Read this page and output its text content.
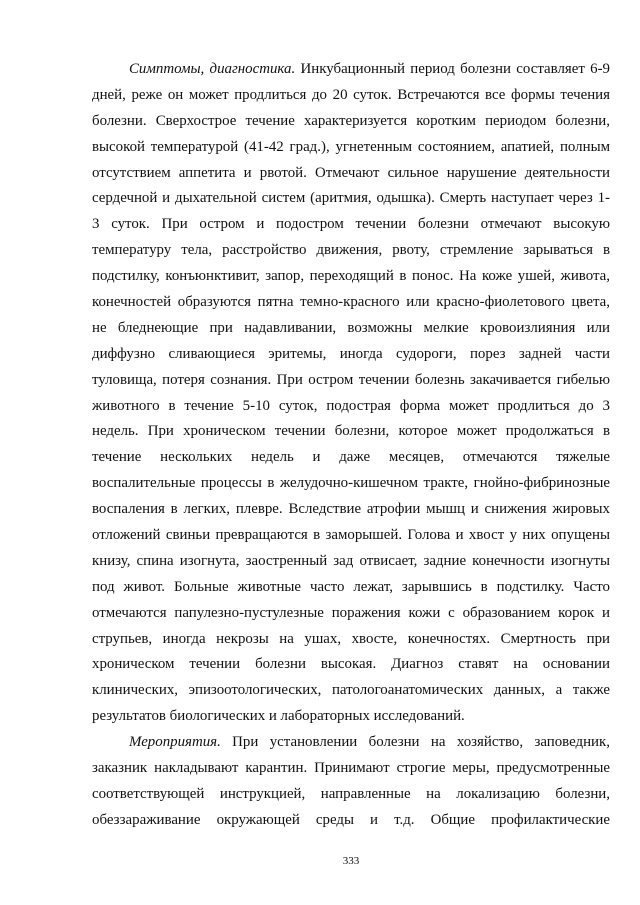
Симптомы, диагностика. Инкубационный период болезни составляет 6-9
дней, реже он может продлиться до 20 суток. Встречаются все формы течения
болезни. Сверхострое течение характеризуется коротким периодом болезни,
высокой температурой (41-42 град.), угнетенным состоянием, апатией, полным
отсутствием аппетита и рвотой. Отмечают сильное нарушение деятельности
сердечной и дыхательной систем (аритмия, одышка). Смерть наступает через 1-
3 суток. При остром и подостром течении болезни отмечают высокую
температуру тела, расстройство движения, рвоту, стремление зарываться в
подстилку, конъюнктивит, запор, переходящий в понос. На коже ушей, живота,
конечностей образуются пятна темно-красного или красно-фиолетового цвета,
не бледнеющие при надавливании, возможны мелкие кровоизлияния или
диффузно сливающиеся эритемы, иногда судороги, порез задней части
туловища, потеря сознания. При остром течении болезнь закачивается гибелью
животного в течение 5-10 суток, подострая форма может продлиться до 3
недель. При хроническом течении болезни, которое может продолжаться в
течение нескольких недель и даже месяцев, отмечаются тяжелые
воспалительные процессы в желудочно-кишечном тракте, гнойно-фибринозные
воспаления в легких, плевре. Вследствие атрофии мышц и снижения жировых
отложений свиньи превращаются в заморышей. Голова и хвост у них опущены
книзу, спина изогнута, заостренный зад отвисает, задние конечности изогнуты
под живот. Больные животные часто лежат, зарывшись в подстилку. Часто
отмечаются папулезно-пустулезные поражения кожи с образованием корок и
струпьев, иногда некрозы на ушах, хвосте, конечностях. Смертность при
хроническом течении болезни высокая. Диагноз ставят на основании
клинических, эпизоотологических, патологоанатомических данных, а также
результатов биологических и лабораторных исследований.
Мероприятия. При установлении болезни на хозяйство, заповедник,
заказник накладывают карантин. Принимают строгие меры, предусмотренные
соответствующей инструкцией, направленные на локализацию болезни,
обеззараживание окружающей среды и т.д. Общие профилактические
333
